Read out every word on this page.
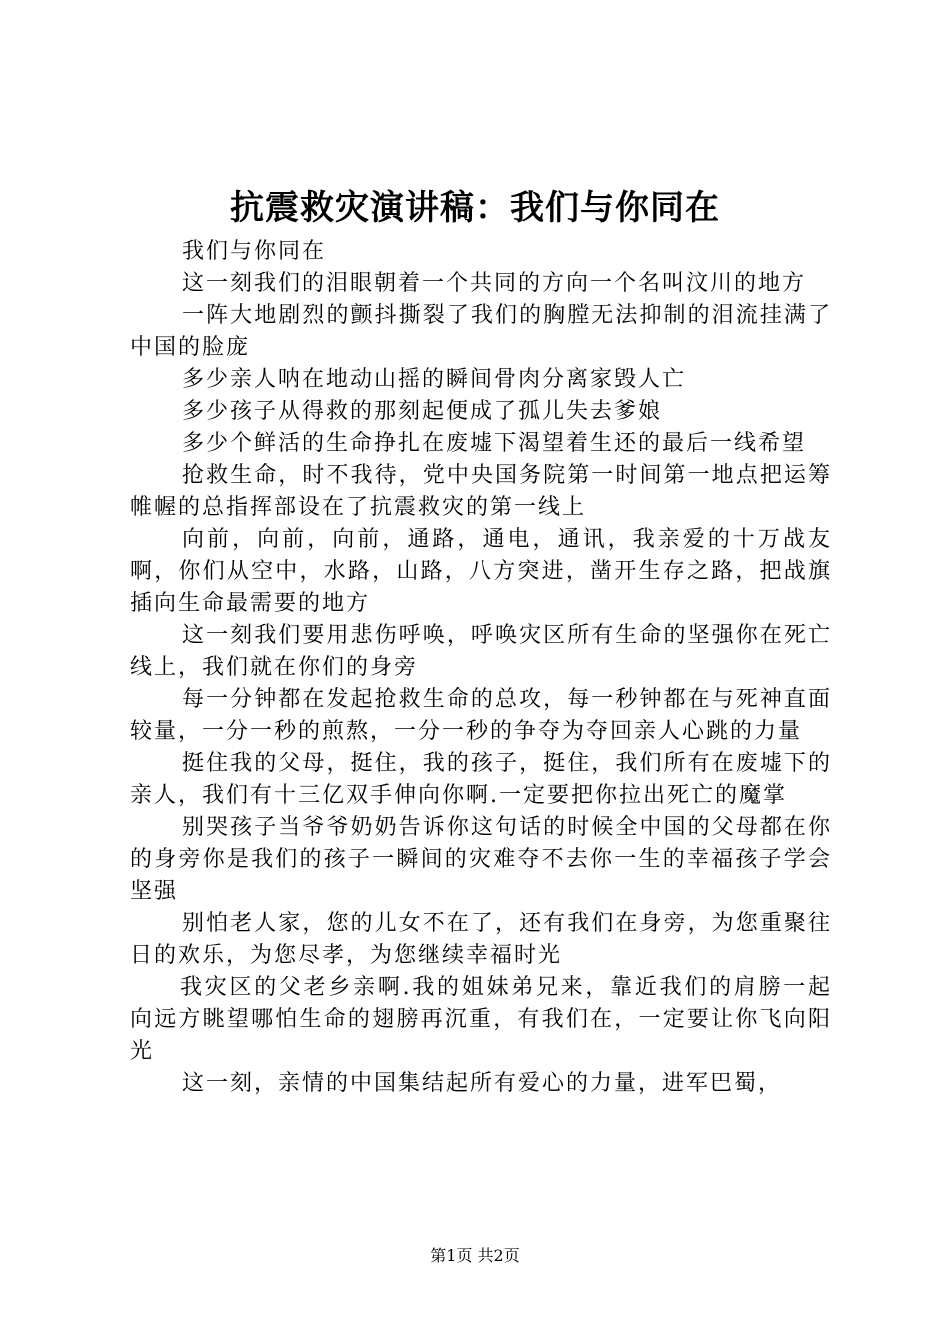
抗震救灾演讲稿：我们与你同在

我们与你同在

这一刻我们的泪眼朝着一个共同的方向一个名叫汶川的地方

一阵大地剧烈的颤抖撕裂了我们的胸膛无法抑制的泪流挂满了中国的脸庞

多少亲人呐在地动山摇的瞬间骨肉分离家毁人亡

多少孩子从得救的那刻起便成了孤儿失去爹娘

多少个鲜活的生命挣扎在废墟下渴望着生还的最后一线希望

抢救生命，时不我待，党中央国务院第一时间第一地点把运筹帷幄的总指挥部设在了抗震救灾的第一线上

向前，向前，向前，通路，通电，通讯，我亲爱的十万战友啊，你们从空中，水路，山路，八方突进，凿开生存之路，把战旗插向生命最需要的地方

这一刻我们要用悲伤呼唤，呼唤灾区所有生命的坚强你在死亡线上，我们就在你们的身旁

每一分钟都在发起抢救生命的总攻，每一秒钟都在与死神直面较量，一分一秒的煎熬，一分一秒的争夺为夺回亲人心跳的力量

挺住我的父母，挺住，我的孩子，挺住，我们所有在废墟下的亲人，我们有十三亿双手伸向你啊.一定要把你拉出死亡的魔掌

别哭孩子当爷爷奶奶告诉你这句话的时候全中国的父母都在你的身旁你是我们的孩子一瞬间的灾难夺不去你一生的幸福孩子学会坚强

别怕老人家，您的儿女不在了，还有我们在身旁，为您重聚往日的欢乐，为您尽孝，为您继续幸福时光

我灾区的父老乡亲啊.我的姐妹弟兄来，靠近我们的肩膀一起向远方眺望哪怕生命的翅膀再沉重，有我们在，一定要让你飞向阳光

这一刻，亲情的中国集结起所有爱心的力量，进军巴蜀，

第1页 共2页
